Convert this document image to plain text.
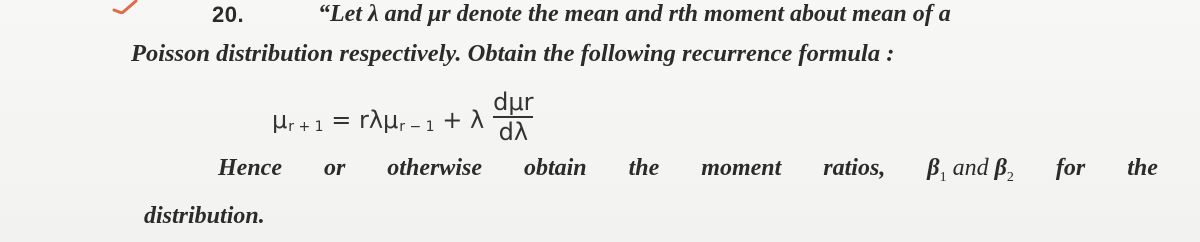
20.	“Let λ and μr denote the mean and rth moment about mean of a
Poisson distribution respectively. Obtain the following recurrence formula :
μ r + 1 = rλμ r − 1 + λ $\frac{\text{dμr}}{d\lambda}$
Hence or otherwise obtain the moment ratios, $\beta_1$ and $\beta_2$ for the
distribution.
